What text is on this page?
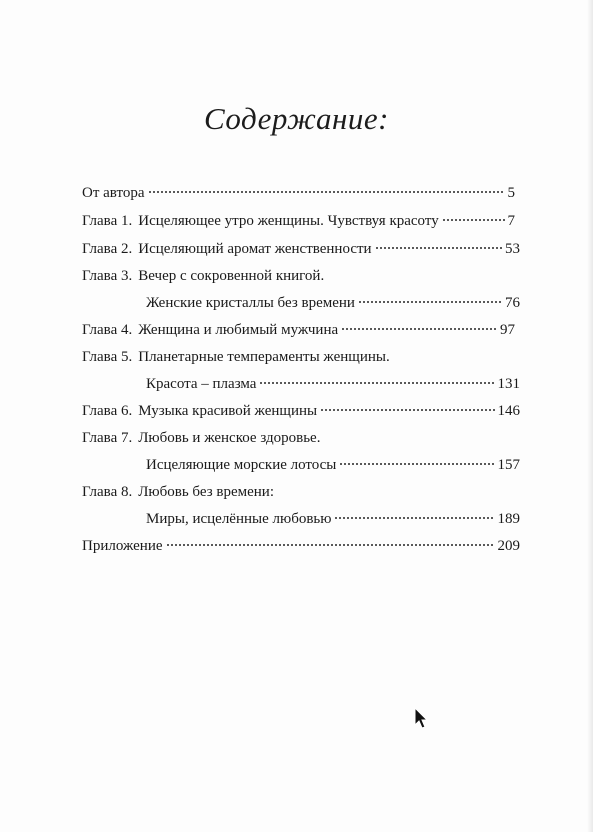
Содержание:
От автора	5
Глава 1. Исцеляющее утро женщины. Чувствуя красоту	7
Глава 2. Исцеляющий аромат женственности	53
Глава 3. Вечер с сокровенной книгой.
Женские кристаллы без времени	76
Глава 4. Женщина и любимый мужчина	97
Глава 5. Планетарные темпераменты женщины.
Красота – плазма	131
Глава 6. Музыка красивой женщины	146
Глава 7. Любовь и женское здоровье.
Исцеляющие морские лотосы	157
Глава 8. Любовь без времени:
Миры, исцелённые любовью	189
Приложение	209
